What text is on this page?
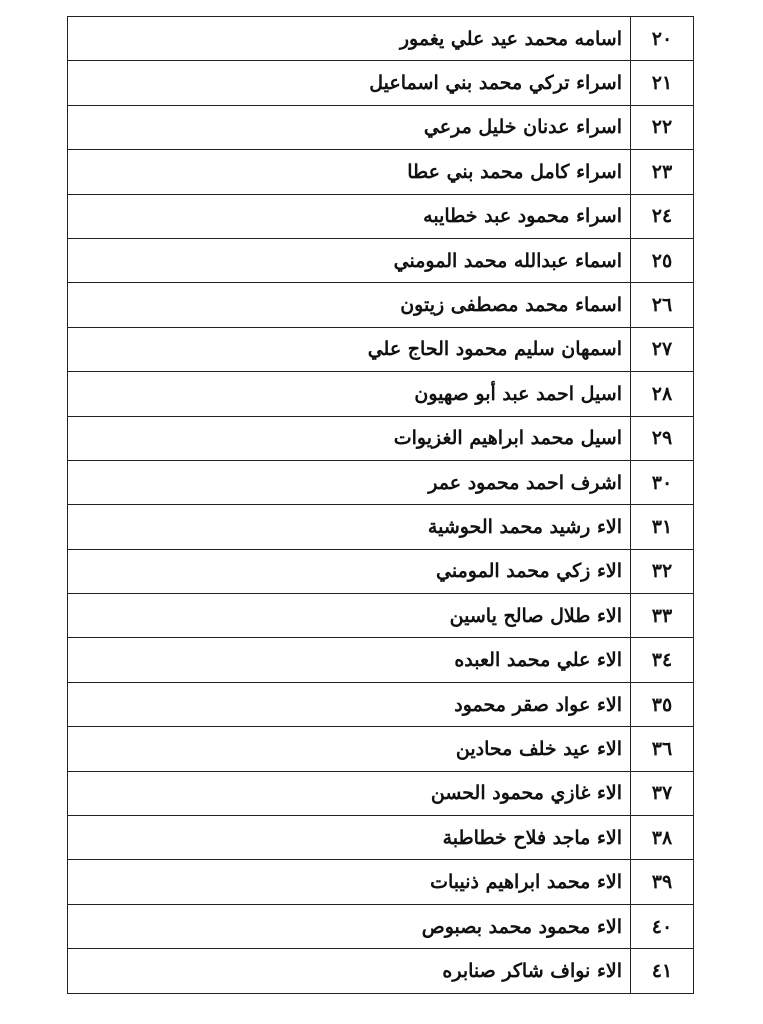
٢٠	اسامه محمد عيد علي يغمور
٢١	اسراء تركي محمد بني اسماعيل
٢٢	اسراء عدنان خليل مرعي
٢٣	اسراء كامل محمد بني عطا
٢٤	اسراء محمود عبد خطايبه
٢٥	اسماء عبدالله محمد المومني
٢٦	اسماء محمد مصطفى زيتون
٢٧	اسمهان سليم محمود الحاج علي
٢٨	اسيل احمد عبد أبو صهيون
٢٩	اسيل محمد ابراهيم الغزيوات
٣٠	اشرف احمد محمود عمر
٣١	الاء رشيد محمد الحوشية
٣٢	الاء زكي محمد المومني
٣٣	الاء طلال صالح ياسين
٣٤	الاء علي محمد العبده
٣٥	الاء عواد صقر محمود
٣٦	الاء عيد خلف محادين
٣٧	الاء غازي محمود الحسن
٣٨	الاء ماجد فلاح خطاطبة
٣٩	الاء محمد ابراهيم ذنيبات
٤٠	الاء محمود محمد بصبوص
٤١	الاء نواف شاكر صنابره
